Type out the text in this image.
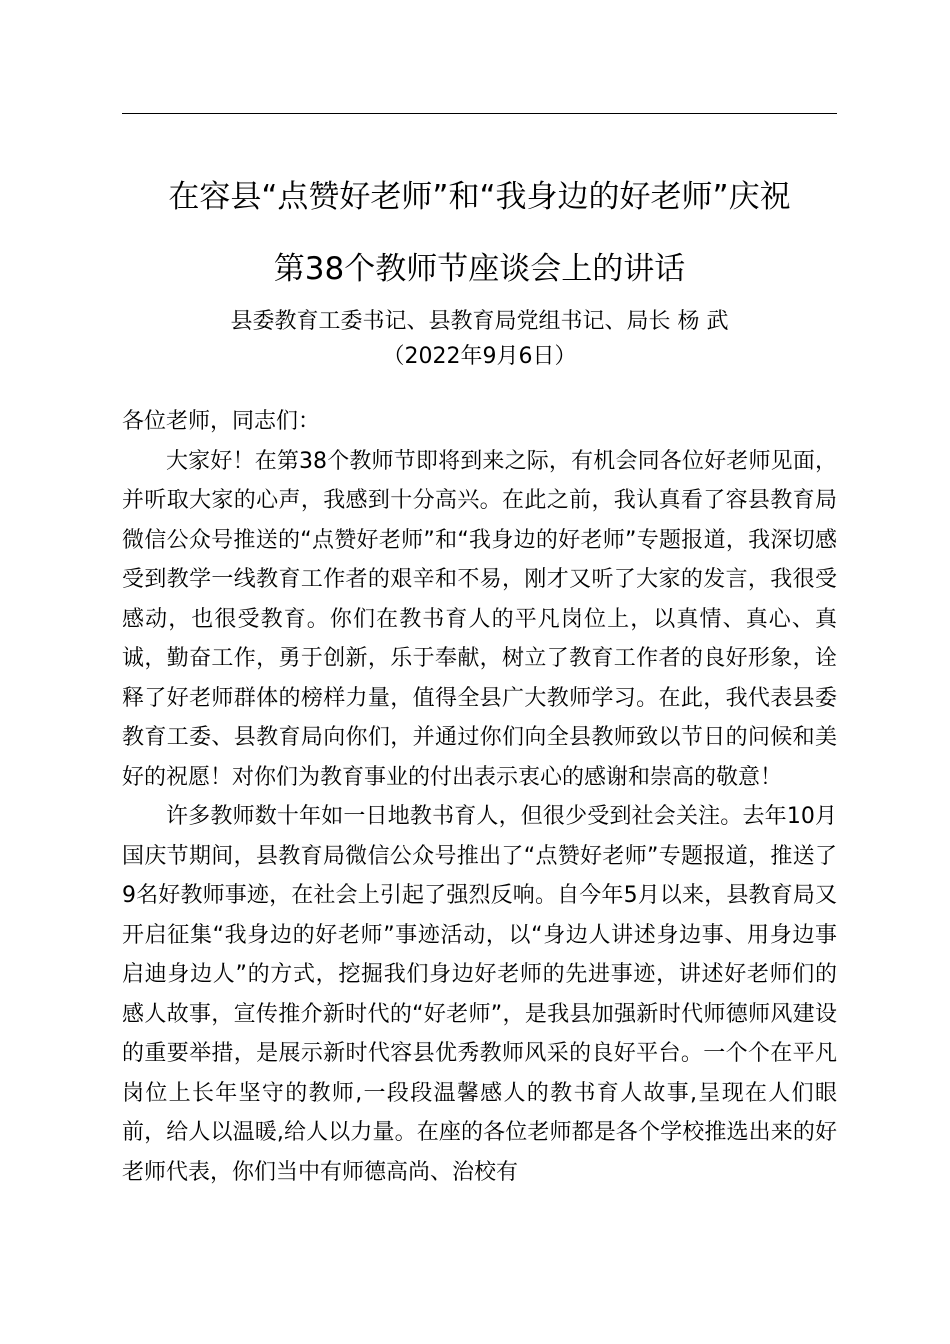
在容县“点赞好老师”和“我身边的好老师”庆祝
第38个教师节座谈会上的讲话
县委教育工委书记、县教育局党组书记、局长 杨 武
（2022年9月6日）

各位老师，同志们：

大家好！在第38个教师节即将到来之际，有机会同各位好老师见面，并听取大家的心声，我感到十分高兴。在此之前，我认真看了容县教育局微信公众号推送的“点赞好老师”和“我身边的好老师”专题报道，我深切感受到教学一线教育工作者的艰辛和不易，刚才又听了大家的发言，我很受感动，也很受教育。你们在教书育人的平凡岗位上，以真情、真心、真诚，勤奋工作，勇于创新，乐于奉献，树立了教育工作者的良好形象，诠释了好老师群体的榜样力量，值得全县广大教师学习。在此，我代表县委教育工委、县教育局向你们，并通过你们向全县教师致以节日的问候和美好的祝愿！对你们为教育事业的付出表示衷心的感谢和崇高的敬意！

许多教师数十年如一日地教书育人，但很少受到社会关注。去年10月国庆节期间，县教育局微信公众号推出了“点赞好老师”专题报道，推送了9名好教师事迹，在社会上引起了强烈反响。自今年5月以来，县教育局又开启征集“我身边的好老师”事迹活动，以“身边人讲述身边事、用身边事启迪身边人”的方式，挖掘我们身边好老师的先进事迹，讲述好老师们的感人故事，宣传推介新时代的“好老师”，是我县加强新时代师德师风建设的重要举措，是展示新时代容县优秀教师风采的良好平台。一个个在平凡岗位上长年坚守的教师,一段段温馨感人的教书育人故事,呈现在人们眼前，给人以温暖,给人以力量。在座的各位老师都是各个学校推选出来的好老师代表，你们当中有师德高尚、治校有
